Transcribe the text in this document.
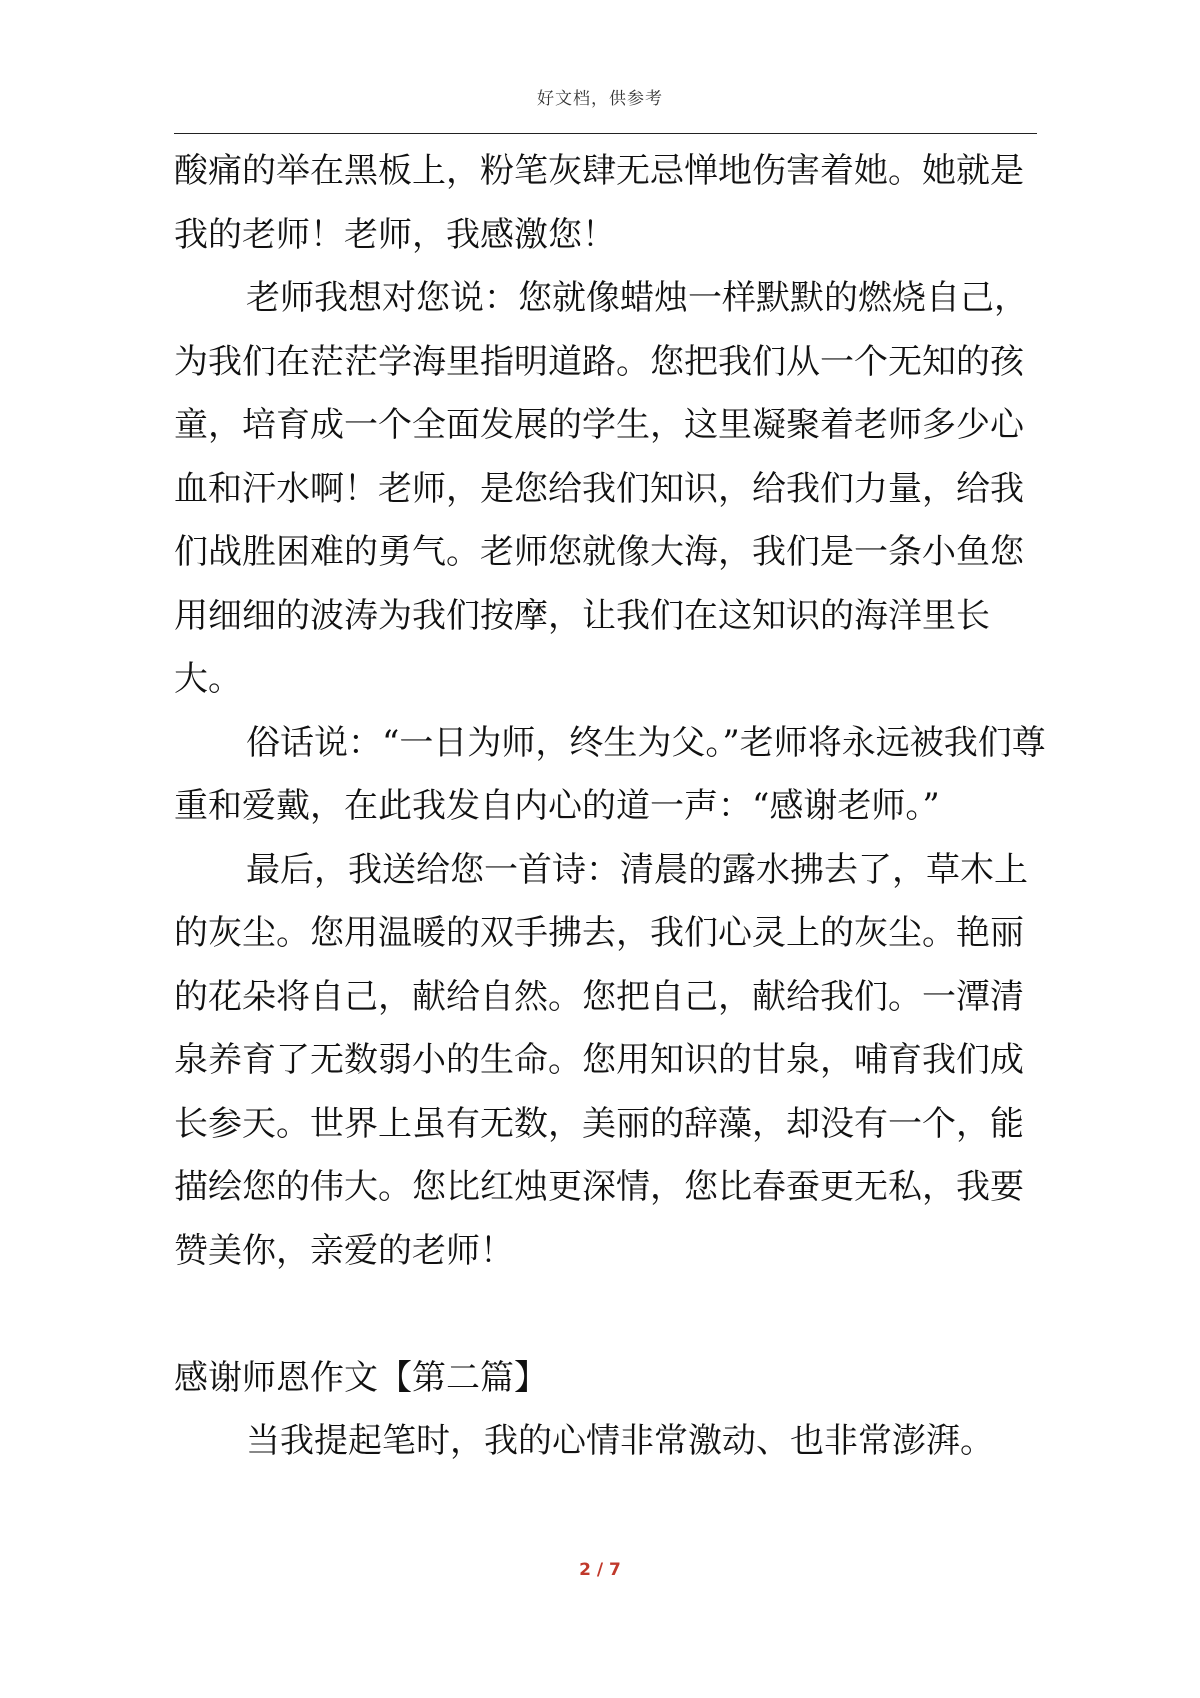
好文档，供参考

酸痛的举在黑板上，粉笔灰肆无忌惮地伤害着她。她就是我的老师！老师，我感激您！

老师我想对您说：您就像蜡烛一样默默的燃烧自己，为我们在茫茫学海里指明道路。您把我们从一个无知的孩童，培育成一个全面发展的学生，这里凝聚着老师多少心血和汗水啊！老师，是您给我们知识，给我们力量，给我们战胜困难的勇气。老师您就像大海，我们是一条小鱼您用细细的波涛为我们按摩，让我们在这知识的海洋里长大。

俗话说：“一日为师，终生为父。”老师将永远被我们尊重和爱戴，在此我发自内心的道一声：“感谢老师。”

最后，我送给您一首诗：清晨的露水拂去了，草木上的灰尘。您用温暖的双手拂去，我们心灵上的灰尘。艳丽的花朵将自己，献给自然。您把自己，献给我们。一潭清泉养育了无数弱小的生命。您用知识的甘泉，哺育我们成长参天。世界上虽有无数，美丽的辞藻，却没有一个，能描绘您的伟大。您比红烛更深情，您比春蚕更无私，我要赞美你，亲爱的老师！

感谢师恩作文【第二篇】

当我提起笔时，我的心情非常激动、也非常澎湃。

2 / 7
